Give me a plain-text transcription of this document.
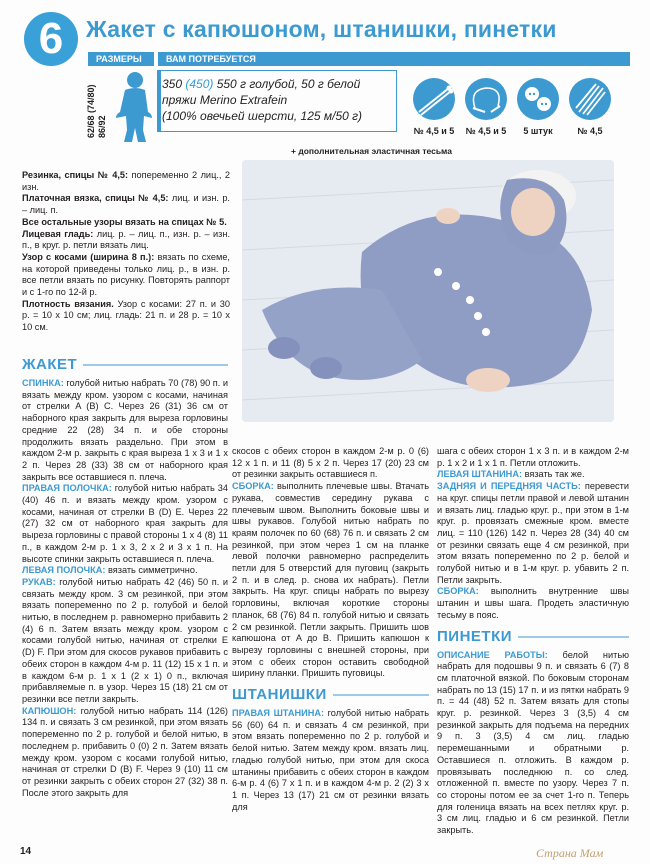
6 Жакет с капюшоном, штанишки, пинетки
РАЗМЕРЫ	ВАМ ПОТРЕБУЕТСЯ
62/68 (74/80) 86/92
350 (450) 550 г голубой, 50 г белой
пряжи Merino Extrafein
(100% овечьей шерсти, 125 м/50 г)
№ 4,5 и 5 № 4,5 и 5	5 штук	№ 4,5
+ дополнительная эластичная тесьма

Резинка, спицы № 4,5: попеременно 2 лиц., 2 изн.

Платочная вязка, спицы № 4,5: лиц. и изн. р. – лиц. п.

Все остальные узоры вязать на спицах № 5.

Лицевая гладь: лиц. р. – лиц. п., изн. р. – изн. п., в круг. р. петли вязать лиц.

Узор с косами (ширина 8 п.): вязать по схеме, на которой приведены только лиц. р., в изн. р. все петли вязать по рисунку. Повторять раппорт и с 1-го по 12-й р.

Плотность вязания. Узор с косами: 27 п. и 30 р. = 10 х 10 см; лиц. гладь: 21 п. и 28 р. = 10 х 10 см.

ЖАКЕТ

СПИНКА: голубой нитью набрать 70 (78) 90 п. и вязать между кром. узором с косами, начиная от стрелки A (B) C. Через 26 (31) 36 см от наборного края закрыть для выреза горловины средние 22 (28) 34 п. и обе стороны продолжить вязать раздельно. При этом в каждом 2-м р. закрыть с края выреза 1 х 3 и 1 х 2 п. Через 28 (33) 38 см от наборного края закрыть все оставшиеся п. плеча.

ПРАВАЯ ПОЛОЧКА: голубой нитью набрать 34 (40) 46 п. и вязать между кром. узором с косами, начиная от стрелки B (D) E. Через 22 (27) 32 см от наборного края закрыть для выреза горловины с правой стороны 1 х 4 (8) 11 п., в каждом 2-м р. 1 х 3, 2 х 2 и 3 х 1 п. На высоте спинки закрыть оставшиеся п. плеча.

ЛЕВАЯ ПОЛОЧКА: вязать симметрично.

РУКАВ: голубой нитью набрать 42 (46) 50 п. и связать между кром. 3 см резинкой, при этом вязать попеременно по 2 р. голубой и белой нитью, в последнем р. равномерно прибавить 2 (4) 6 п. Затем вязать между кром. узором с косами голубой нитью, начиная от стрелки E (D) F. При этом для скосов рукавов прибавить с обеих сторон в каждом 4-м р. 11 (12) 15 х 1 п. и в каждом 6-м р. 1 х 1 (2 х 1) 0 п., включая прибавляемые п. в узор. Через 15 (18) 21 см от резинки все петли закрыть.

КАПЮШОН: голубой нитью набрать 114 (126) 134 п. и связать 3 см резинкой, при этом вязать попеременно по 2 р. голубой и белой нитью, в последнем р. прибавить 0 (0) 2 п. Затем вязать между кром. узором с косами голубой нитью, начиная от стрелки D (B) F. Через 9 (10) 11 см от резинки закрыть с обеих сторон 27 (32) 38 п. После этого закрыть для

скосов с обеих сторон в каждом 2-м р. 0 (6) 12 х 1 п. и 11 (8) 5 х 2 п. Через 17 (20) 23 см от резинки закрыть оставшиеся п.

СБОРКА: выполнить плечевые швы. Втачать рукава, совместив середину рукава с плечевым швом. Выполнить боковые швы и швы рукавов. Голубой нитью набрать по краям полочек по 60 (68) 76 п. и связать 2 см резинкой, при этом через 1 см на планке левой полочки равномерно распределить петли для 5 отверстий для пуговиц (закрыть 2 п. и в след. р. снова их набрать). Петли закрыть. На круг. спицы набрать по вырезу горловины, включая короткие стороны планок, 68 (76) 84 п. голубой нитью и связать 2 см резинкой. Петли закрыть. Пришить шов капюшона от A до B. Пришить капюшон к вырезу горловины с внешней стороны, при этом с обеих сторон оставить свободной ширину планки. Пришить пуговицы.

ШТАНИШКИ

ПРАВАЯ ШТАНИНА: голубой нитью набрать 56 (60) 64 п. и связать 4 см резинкой, при этом вязать попеременно по 2 р. голубой и белой нитью. Затем между кром. вязать лиц. гладью голубой нитью, при этом для скоса штанины прибавить с обеих сторон в каждом 6-м р. 4 (6) 7 х 1 п. и в каждом 4-м р. 2 (2) 3 х 1 п. Через 13 (17) 21 см от резинки вязать для

шага с обеих сторон 1 х 3 п. и в каждом 2-м р. 1 х 2 и 1 х 1 п. Петли отложить.

ЛЕВАЯ ШТАНИНА: вязать так же.

ЗАДНЯЯ И ПЕРЕДНЯЯ ЧАСТЬ: перевести на круг. спицы петли правой и левой штанин и вязать лиц. гладью круг. р., при этом в 1-м круг. р. провязать смежные кром. вместе лиц. = 110 (126) 142 п. Через 28 (34) 40 см от резинки связать еще 4 см резинкой, при этом вязать попеременно по 2 р. белой и голубой нитью и в 1-м круг. р. убавить 2 п. Петли закрыть.

СБОРКА: выполнить внутренние швы штанин и швы шага. Продеть эластичную тесьму в пояс.

ПИНЕТКИ

ОПИСАНИЕ РАБОТЫ: белой нитью набрать для подошвы 9 п. и связать 6 (7) 8 см платочной вязкой. По боковым сторонам набрать по 13 (15) 17 п. и из пятки набрать 9 п. = 44 (48) 52 п. Затем вязать для стопы круг. р. резинкой. Через 3 (3,5) 4 см резинкой закрыть для подъема на передних 9 п. 3 (3,5) 4 см лиц. гладью перемешанными и обратными р. Оставшиеся п. отложить. В каждом р. провязывать последнюю п. со след. отложенной п. вместе по узору. Через 7 п. со стороны потом ее за счет 1-го п. Теперь для голеница вязать на всех петлях круг. р. 3 см лиц. гладью и 6 см резинкой. Петли закрыть.

14	Страна Мам
